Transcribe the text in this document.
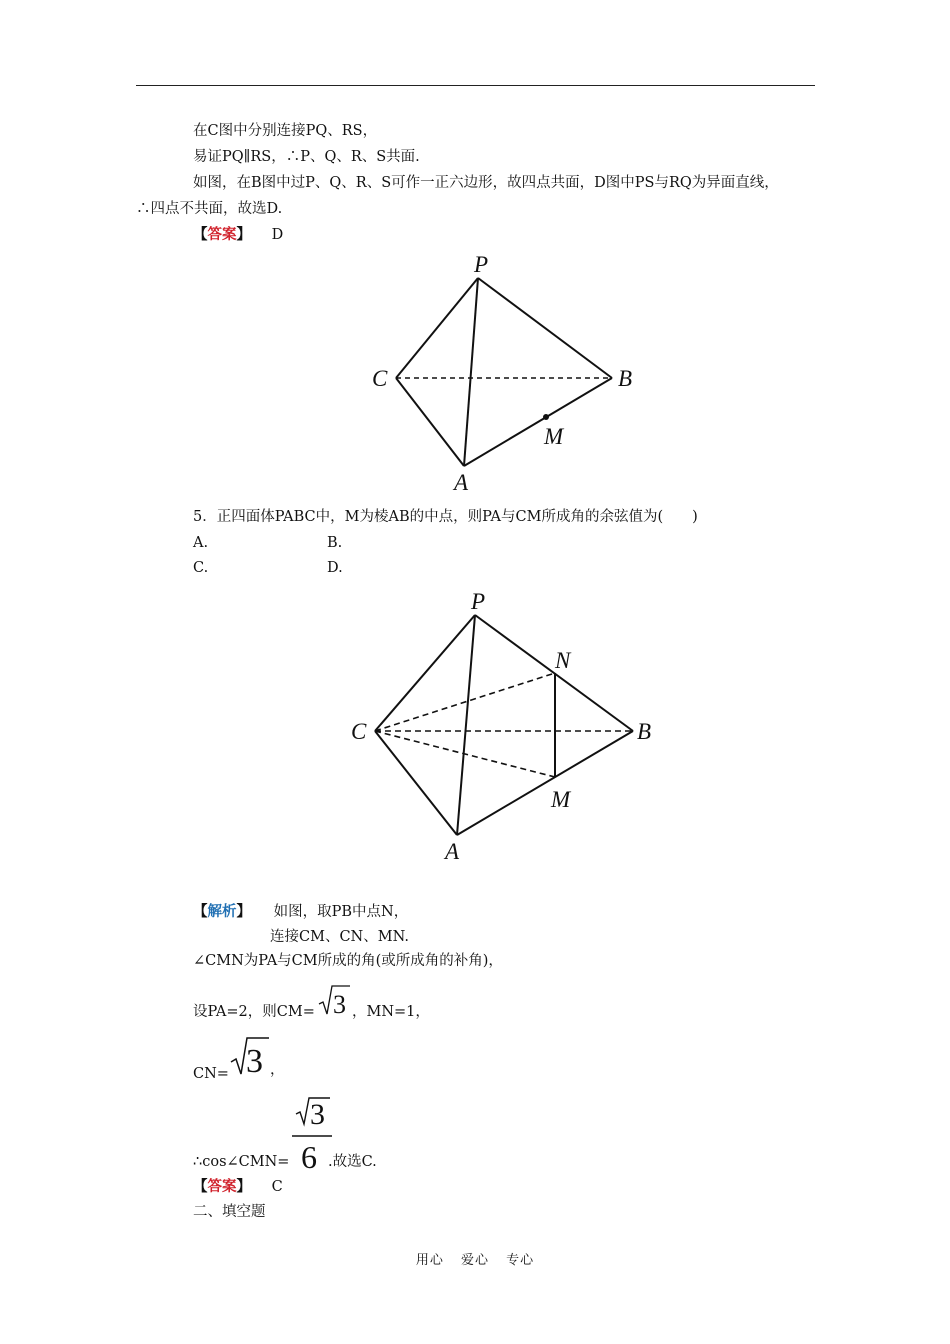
在C图中分别连接PQ、RS，
易证PQ∥RS，∴P、Q、R、S共面.
如图，在B图中过P、Q、R、S可作一正六边形，故四点共面，D图中PS与RQ为异面直线，
∴四点不共面，故选D.
【答案】 D
P
C	B
M
A
5．正四面体PABC中，M为棱AB的中点，则PA与CM所成角的余弦值为(　　)
A.	B.
C.	D.
P
N
C	B
M
A
【解析】 如图，取PB中点N，
连接CM、CN、MN.
∠CMN为PA与CM所成的角(或所成角的补角)，
设PA=2，则CM= 3 ，MN=1，
CN= 3 ，
∴cos∠CMN=
3
6 .故选C.
【答案】 C
二、填空题
用心 爱心 专心
